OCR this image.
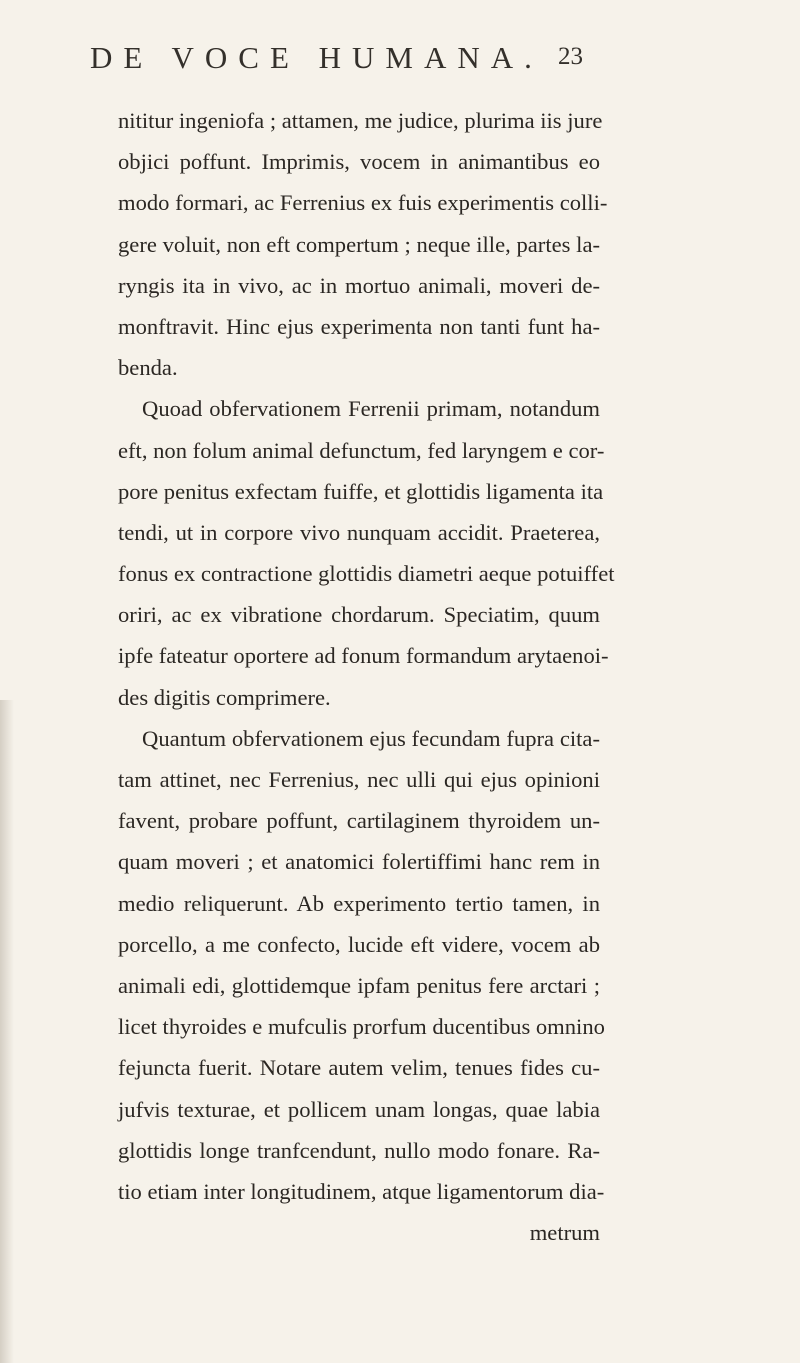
DE VOCE HUMANA. 23
nititur ingeniofa ; attamen, me judice, plurima iis jure
objici poffunt. Imprimis, vocem in animantibus eo
modo formari, ac Ferrenius ex fuis experimentis colli-
gere voluit, non eft compertum ; neque ille, partes la-
ryngis ita in vivo, ac in mortuo animali, moveri de-
monftravit. Hinc ejus experimenta non tanti funt ha-
benda.
Quoad obfervationem Ferrenii primam, notandum
eft, non folum animal defunctum, fed laryngem e cor-
pore penitus exfectam fuiffe, et glottidis ligamenta ita
tendi, ut in corpore vivo nunquam accidit. Praeterea,
fonus ex contractione glottidis diametri aeque potuiffet
oriri, ac ex vibratione chordarum. Speciatim, quum
ipfe fateatur oportere ad fonum formandum arytaenoi-
des digitis comprimere.
Quantum obfervationem ejus fecundam fupra cita-
tam attinet, nec Ferrenius, nec ulli qui ejus opinioni
favent, probare poffunt, cartilaginem thyroidem un-
quam moveri ; et anatomici folertiffimi hanc rem in
medio reliquerunt. Ab experimento tertio tamen, in
porcello, a me confecto, lucide eft videre, vocem ab
animali edi, glottidemque ipfam penitus fere arctari ;
licet thyroides e mufculis prorfum ducentibus omnino
fejuncta fuerit. Notare autem velim, tenues fides cu-
jufvis texturae, et pollicem unam longas, quae labia
glottidis longe tranfcendunt, nullo modo fonare. Ra-
tio etiam inter longitudinem, atque ligamentorum dia-
metrum
